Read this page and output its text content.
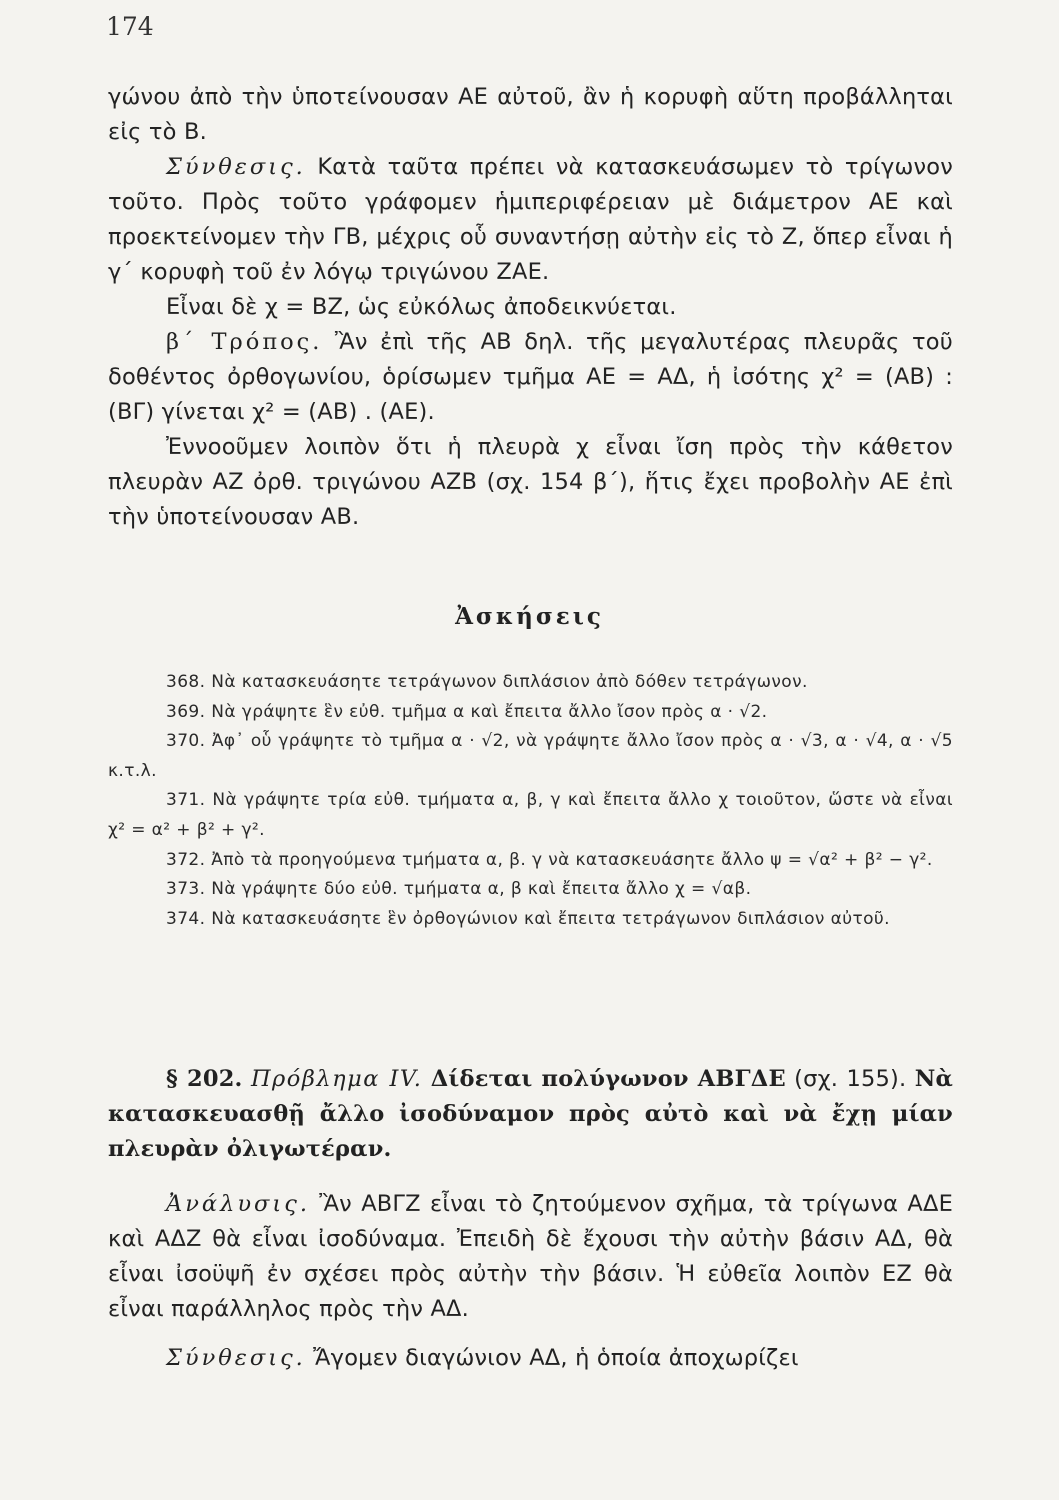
174

γώνου ἀπὸ τὴν ὑποτείνουσαν ΑΕ αὐτοῦ, ἂν ἡ κορυφὴ αὕτη προβάλληται εἰς τὸ Β.

Σύνθεσις. Κατὰ ταῦτα πρέπει νὰ κατασκευάσωμεν τὸ τρίγωνον τοῦτο. Πρὸς τοῦτο γράφομεν ἡμιπεριφέρειαν μὲ διάμετρον ΑΕ καὶ προεκτείνομεν τὴν ΓΒ, μέχρις οὗ συναντήσῃ αὐτὴν εἰς τὸ Ζ, ὅπερ εἶναι ἡ γ΄ κορυφὴ τοῦ ἐν λόγῳ τριγώνου ΖΑΕ.

Εἶναι δὲ χ = ΒΖ, ὡς εὐκόλως ἀποδεικνύεται.

β΄ Τρόπος. Ἂν ἐπὶ τῆς ΑΒ δηλ. τῆς μεγαλυτέρας πλευρᾶς τοῦ δοθέντος ὀρθογωνίου, ὁρίσωμεν τμῆμα ΑΕ = ΑΔ, ἡ ἰσότης χ² = (ΑΒ) : (ΒΓ) γίνεται χ² = (ΑΒ) . (ΑΕ).

Ἐννοοῦμεν λοιπὸν ὅτι ἡ πλευρὰ χ εἶναι ἴση πρὸς τὴν κάθετον πλευρὰν ΑΖ ὀρθ. τριγώνου ΑΖΒ (σχ. 154 β΄), ἥτις ἔχει προβολὴν ΑΕ ἐπὶ τὴν ὑποτείνουσαν ΑΒ.

Ἀσκήσεις

368. Νὰ κατασκευάσητε τετράγωνον διπλάσιον ἀπὸ δόθεν τετράγωνον.

369. Νὰ γράψητε ἓν εὐθ. τμῆμα α καὶ ἔπειτα ἄλλο ἴσον πρὸς α · √2.

370. Ἀφ᾽ οὗ γράψητε τὸ τμῆμα α · √2, νὰ γράψητε ἄλλο ἴσον πρὸς α · √3, α · √4, α · √5 κ.τ.λ.

371. Νὰ γράψητε τρία εὐθ. τμήματα α, β, γ καὶ ἔπειτα ἄλλο χ τοιοῦτον, ὥστε νὰ εἶναι χ² = α² + β² + γ².

372. Ἀπὸ τὰ προηγούμενα τμήματα α, β. γ νὰ κατασκευάσητε ἄλλο ψ = √α² + β² − γ².

373. Νὰ γράψητε δύο εὐθ. τμήματα α, β καὶ ἔπειτα ἄλλο χ = √αβ.

374. Νὰ κατασκευάσητε ἓν ὀρθογώνιον καὶ ἔπειτα τετράγωνον διπλάσιον αὐτοῦ.

§ 202. Πρόβλημα IV. Δίδεται πολύγωνον ΑΒΓΔΕ (σχ. 155). Νὰ κατασκευασθῇ ἄλλο ἰσοδύναμον πρὸς αὐτὸ καὶ νὰ ἔχῃ μίαν πλευρὰν ὀλιγωτέραν.

Ἀνάλυσις. Ἂν ΑΒΓΖ εἶναι τὸ ζητούμενον σχῆμα, τὰ τρίγωνα ΑΔΕ καὶ ΑΔΖ θὰ εἶναι ἰσοδύναμα. Ἐπειδὴ δὲ ἔχουσι τὴν αὐτὴν βάσιν ΑΔ, θὰ εἶναι ἰσοϋψῆ ἐν σχέσει πρὸς αὐτὴν τὴν βάσιν. Ἡ εὐθεῖα λοιπὸν ΕΖ θὰ εἶναι παράλληλος πρὸς τὴν ΑΔ.

Σύνθεσις. Ἄγομεν διαγώνιον ΑΔ, ἡ ὁποία ἀποχωρίζει
